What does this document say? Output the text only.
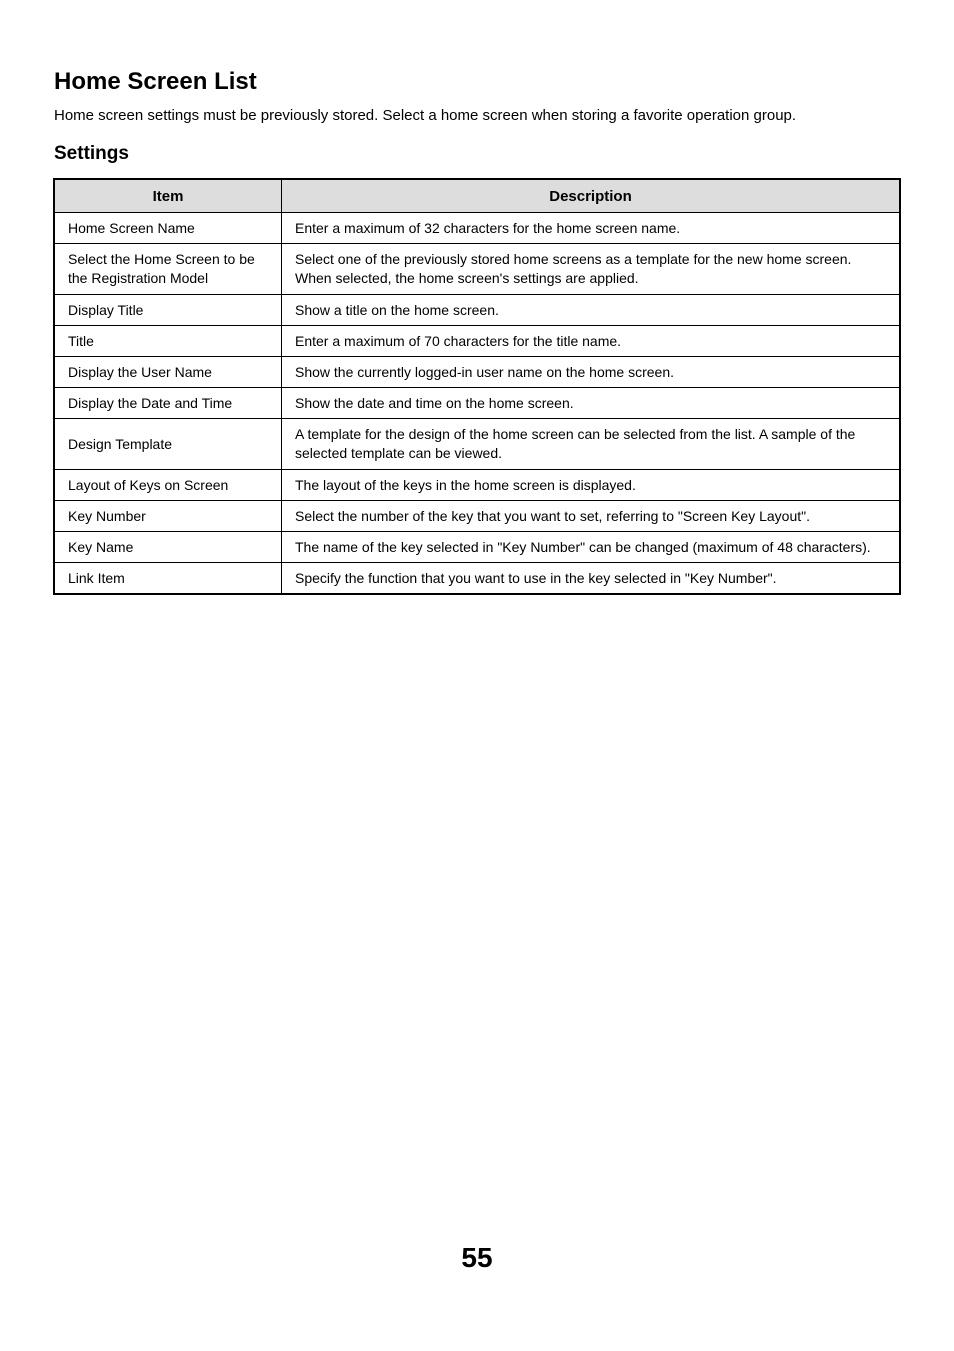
Home Screen List

Home screen settings must be previously stored. Select a home screen when storing a favorite operation group.

Settings
Item	Description
Home Screen Name	Enter a maximum of 32 characters for the home screen name.
Select the Home Screen to be the Registration Model	Select one of the previously stored home screens as a template for the new home screen. When selected, the home screen's settings are applied.
Display Title	Show a title on the home screen.
Title	Enter a maximum of 70 characters for the title name.
Display the User Name	Show the currently logged-in user name on the home screen.
Display the Date and Time	Show the date and time on the home screen.
Design Template	A template for the design of the home screen can be selected from the list. A sample of the selected template can be viewed.
Layout of Keys on Screen	The layout of the keys in the home screen is displayed.
Key Number	Select the number of the key that you want to set, referring to "Screen Key Layout".
Key Name	The name of the key selected in "Key Number" can be changed (maximum of 48 characters).
Link Item	Specify the function that you want to use in the key selected in "Key Number".
55
